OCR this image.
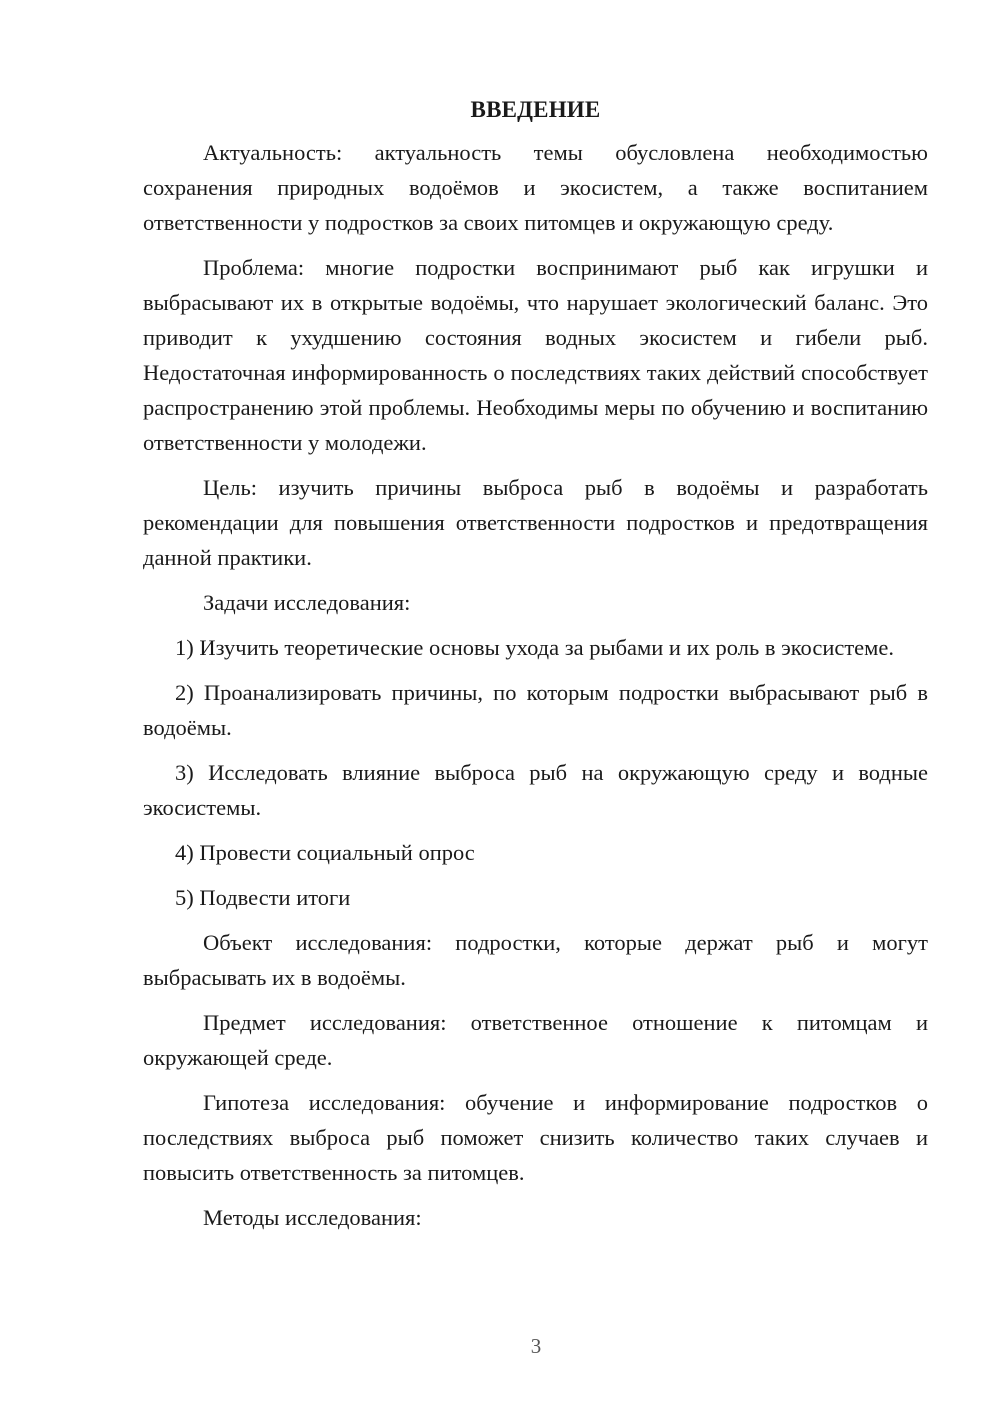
ВВЕДЕНИЕ

Актуальность: актуальность темы обусловлена необходимостью сохранения природных водоёмов и экосистем, а также воспитанием ответственности у подростков за своих питомцев и окружающую среду.

Проблема: многие подростки воспринимают рыб как игрушки и выбрасывают их в открытые водоёмы, что нарушает экологический баланс. Это приводит к ухудшению состояния водных экосистем и гибели рыб. Недостаточная информированность о последствиях таких действий способствует распространению этой проблемы. Необходимы меры по обучению и воспитанию ответственности у молодежи.

Цель: изучить причины выброса рыб в водоёмы и разработать рекомендации для повышения ответственности подростков и предотвращения данной практики.

Задачи исследования:

1) Изучить теоретические основы ухода за рыбами и их роль в экосистеме.

2) Проанализировать причины, по которым подростки выбрасывают рыб в водоёмы.

3) Исследовать влияние выброса рыб на окружающую среду и водные экосистемы.

4) Провести социальный опрос

5) Подвести итоги

Объект исследования: подростки, которые держат рыб и могут выбрасывать их в водоёмы.

Предмет исследования: ответственное отношение к питомцам и окружающей среде.

Гипотеза исследования: обучение и информирование подростков о последствиях выброса рыб поможет снизить количество таких случаев и повысить ответственность за питомцев.

Методы исследования:

3
